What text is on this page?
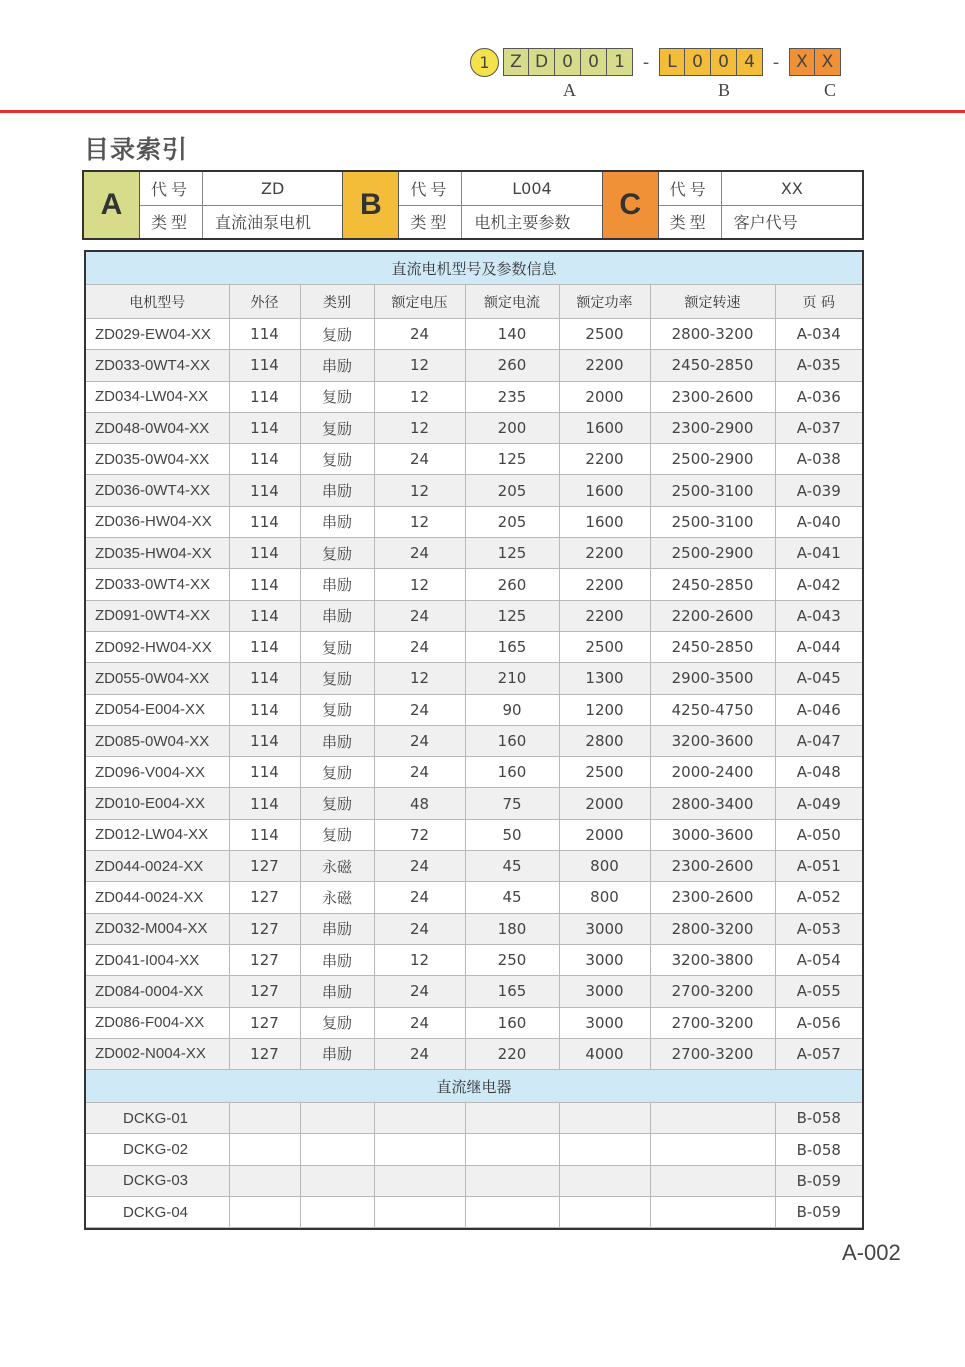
1	Z D 0 0 1 -	L 0 0 4 - X X
A	B	C
目录索引
A	代号	ZD
类型	直流油泵电机
B	代号	L004
类型	电机主要参数
C	代号	XX
类型	客户代号
直流电机型号及参数信息							
电机型号	外径	类别	额定电压	额定电流	额定功率	额定转速	页 码
ZD029-EW04-XX	114	复励	24	140	2500	2800-3200	A-034
ZD033-0WT4-XX	114	串励	12	260	2200	2450-2850	A-035
ZD034-LW04-XX	114	复励	12	235	2000	2300-2600	A-036
ZD048-0W04-XX	114	复励	12	200	1600	2300-2900	A-037
ZD035-0W04-XX	114	复励	24	125	2200	2500-2900	A-038
ZD036-0WT4-XX	114	串励	12	205	1600	2500-3100	A-039
ZD036-HW04-XX	114	串励	12	205	1600	2500-3100	A-040
ZD035-HW04-XX	114	复励	24	125	2200	2500-2900	A-041
ZD033-0WT4-XX	114	串励	12	260	2200	2450-2850	A-042
ZD091-0WT4-XX	114	串励	24	125	2200	2200-2600	A-043
ZD092-HW04-XX	114	复励	24	165	2500	2450-2850	A-044
ZD055-0W04-XX	114	复励	12	210	1300	2900-3500	A-045
ZD054-E004-XX	114	复励	24	90	1200	4250-4750	A-046
ZD085-0W04-XX	114	串励	24	160	2800	3200-3600	A-047
ZD096-V004-XX	114	复励	24	160	2500	2000-2400	A-048
ZD010-E004-XX	114	复励	48	75	2000	2800-3400	A-049
ZD012-LW04-XX	114	复励	72	50	2000	3000-3600	A-050
ZD044-0024-XX	127	永磁	24	45	800	2300-2600	A-051
ZD044-0024-XX	127	永磁	24	45	800	2300-2600	A-052
ZD032-M004-XX	127	串励	24	180	3000	2800-3200	A-053
ZD041-I004-XX	127	串励	12	250	3000	3200-3800	A-054
ZD084-0004-XX	127	串励	24	165	3000	2700-3200	A-055
ZD086-F004-XX	127	复励	24	160	3000	2700-3200	A-056
ZD002-N004-XX	127	串励	24	220	4000	2700-3200	A-057
直流继电器							
DCKG-01							B-058
DCKG-02							B-058
DCKG-03							B-059
DCKG-04							B-059
A-002
